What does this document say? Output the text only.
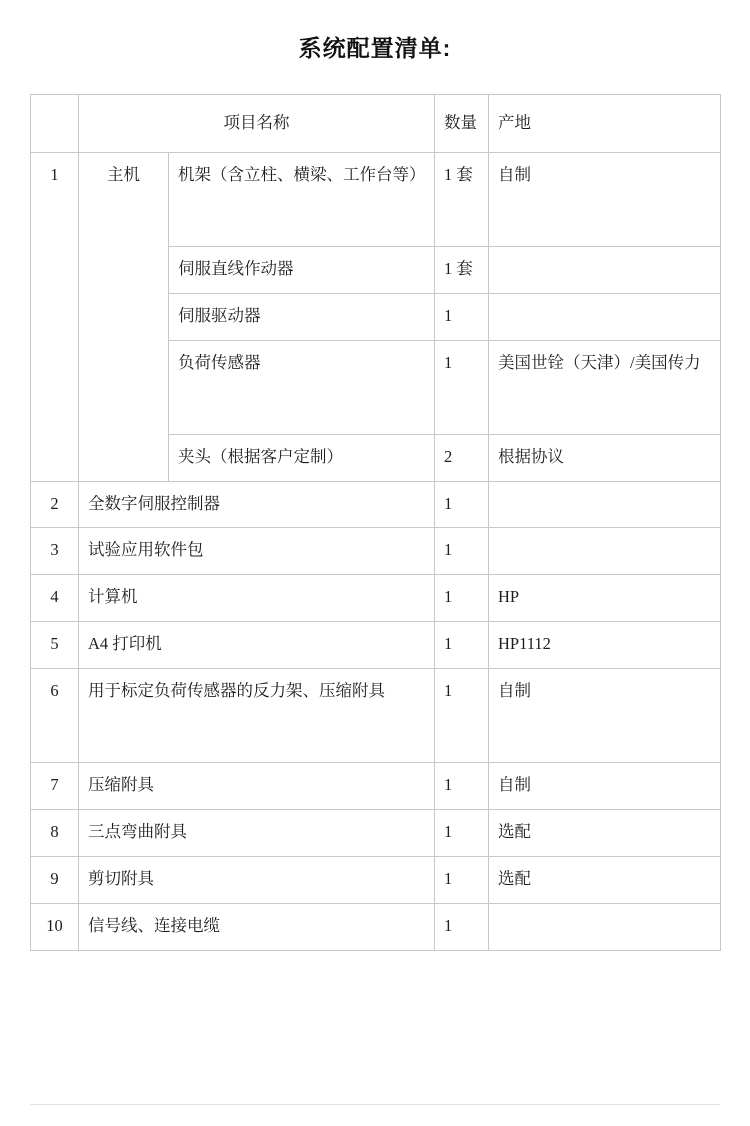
系统配置清单:
	项目名称		数量	产地
1	主机	机架（含立柱、横梁、工作台等）	1 套	自制
		伺服直线作动器	1 套	
		伺服驱动器	1	
		负荷传感器	1	美国世铨（天津）/美国传力
		夹头（根据客户定制）	2	根据协议
2	全数字伺服控制器		1	
3	试验应用软件包		1	
4	计算机		1	HP
5	A4 打印机		1	HP1112
6	用于标定负荷传感器的反力架、压缩附具		1	自制
7	压缩附具		1	自制
8	三点弯曲附具		1	选配
9	剪切附具		1	选配
10	信号线、连接电缆		1	
